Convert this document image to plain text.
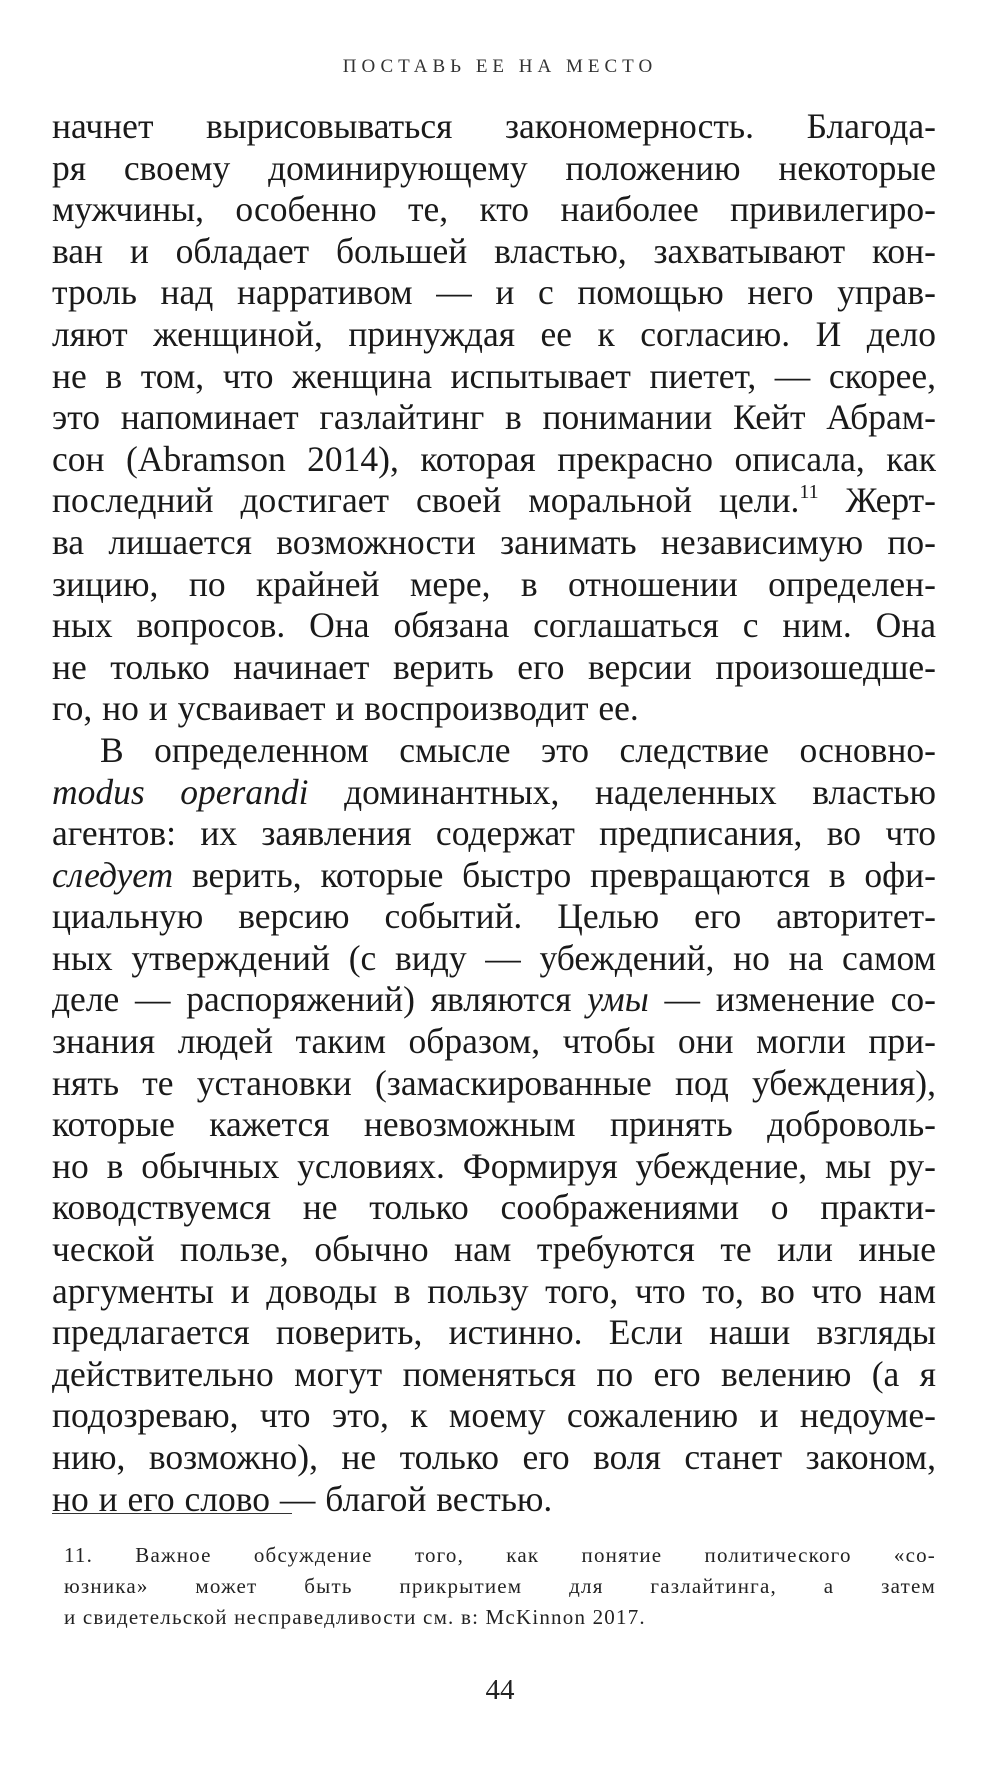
ПОСТАВЬ ЕЕ НА МЕСТО
начнет вырисовываться закономерность. Благода-
ря своему доминирующему положению некоторые
мужчины, особенно те, кто наиболее привилегиро-
ван и обладает большей властью, захватывают кон-
троль над нарративом — и с помощью него управ-
ляют женщиной, принуждая ее к согласию. И дело
не в том, что женщина испытывает пиетет, — скорее,
это напоминает газлайтинг в понимании Кейт Абрам-
сон (Abramson 2014), которая прекрасно описала, как
последний достигает своей моральной цели.$^{11}$ Жерт-
ва лишается возможности занимать независимую по-
зицию, по крайней мере, в отношении определен-
ных вопросов. Она обязана соглашаться с ним. Она
не только начинает верить его версии произошедше-
го, но и усваивает и воспроизводит ее.
В определенном смысле это следствие основно-
modus operandi доминантных, наделенных властью
агентов: их заявления содержат предписания, во что
следует верить, которые быстро превращаются в офи-
циальную версию событий. Целью его авторитет-
ных утверждений (с виду — убеждений, но на самом
деле — распоряжений) являются умы — изменение со-
знания людей таким образом, чтобы они могли при-
нять те установки (замаскированные под убеждения),
которые кажется невозможным принять доброволь-
но в обычных условиях. Формируя убеждение, мы ру-
ководствуемся не только соображениями о практи-
ческой пользе, обычно нам требуются те или иные
аргументы и доводы в пользу того, что то, во что нам
предлагается поверить, истинно. Если наши взгляды
действительно могут поменяться по его велению (а я
подозреваю, что это, к моему сожалению и недоуме-
нию, возможно), не только его воля станет законом,
но и его слово — благой вестью.
11. Важное обсуждение того, как понятие политического «со-
юзника» может быть прикрытием для газлайтинга, а затем
и свидетельской несправедливости см. в: McKinnon 2017.
44
